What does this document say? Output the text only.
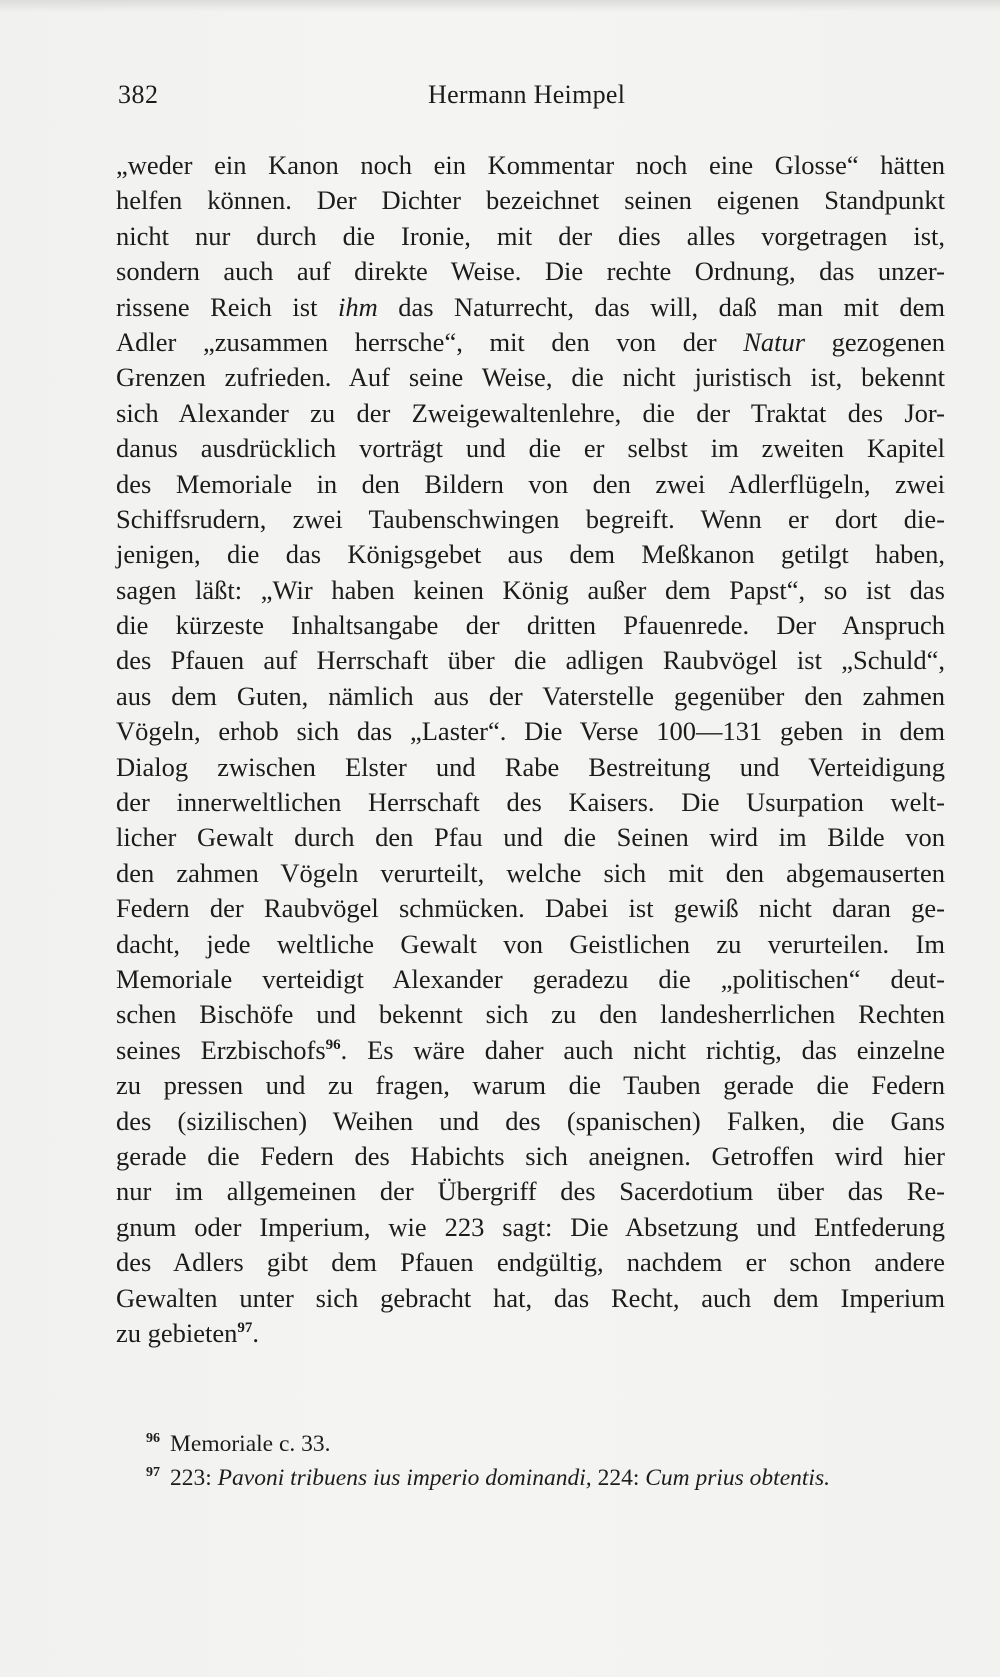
382	Hermann Heimpel
„weder ein Kanon noch ein Kommentar noch eine Glosse“ hätten
helfen können. Der Dichter bezeichnet seinen eigenen Standpunkt
nicht nur durch die Ironie, mit der dies alles vorgetragen ist,
sondern auch auf direkte Weise. Die rechte Ordnung, das unzer-
rissene Reich ist ihm das Naturrecht, das will, daß man mit dem
Adler „zusammen herrsche“, mit den von der Natur gezogenen
Grenzen zufrieden. Auf seine Weise, die nicht juristisch ist, bekennt
sich Alexander zu der Zweigewaltenlehre, die der Traktat des Jor-
danus ausdrücklich vorträgt und die er selbst im zweiten Kapitel
des Memoriale in den Bildern von den zwei Adlerflügeln, zwei
Schiffsrudern, zwei Taubenschwingen begreift. Wenn er dort die-
jenigen, die das Königsgebet aus dem Meßkanon getilgt haben,
sagen läßt: „Wir haben keinen König außer dem Papst“, so ist das
die kürzeste Inhaltsangabe der dritten Pfauenrede. Der Anspruch
des Pfauen auf Herrschaft über die adligen Raubvögel ist „Schuld“,
aus dem Guten, nämlich aus der Vaterstelle gegenüber den zahmen
Vögeln, erhob sich das „Laster“. Die Verse 100—131 geben in dem
Dialog zwischen Elster und Rabe Bestreitung und Verteidigung
der innerweltlichen Herrschaft des Kaisers. Die Usurpation welt-
licher Gewalt durch den Pfau und die Seinen wird im Bilde von
den zahmen Vögeln verurteilt, welche sich mit den abgemauserten
Federn der Raubvögel schmücken. Dabei ist gewiß nicht daran ge-
dacht, jede weltliche Gewalt von Geistlichen zu verurteilen. Im
Memoriale verteidigt Alexander geradezu die „politischen“ deut-
schen Bischöfe und bekennt sich zu den landesherrlichen Rechten
seines Erzbischofs$^{96}$. Es wäre daher auch nicht richtig, das einzelne
zu pressen und zu fragen, warum die Tauben gerade die Federn
des (sizilischen) Weihen und des (spanischen) Falken, die Gans
gerade die Federn des Habichts sich aneignen. Getroffen wird hier
nur im allgemeinen der Übergriff des Sacerdotium über das Re-
gnum oder Imperium, wie 223 sagt: Die Absetzung und Entfederung
des Adlers gibt dem Pfauen endgültig, nachdem er schon andere
Gewalten unter sich gebracht hat, das Recht, auch dem Imperium
zu gebieten$^{97}$.
$^{96}$ Memoriale c. 33.
$^{97}$ 223: Pavoni tribuens ius imperio dominandi, 224: Cum prius obtentis.
